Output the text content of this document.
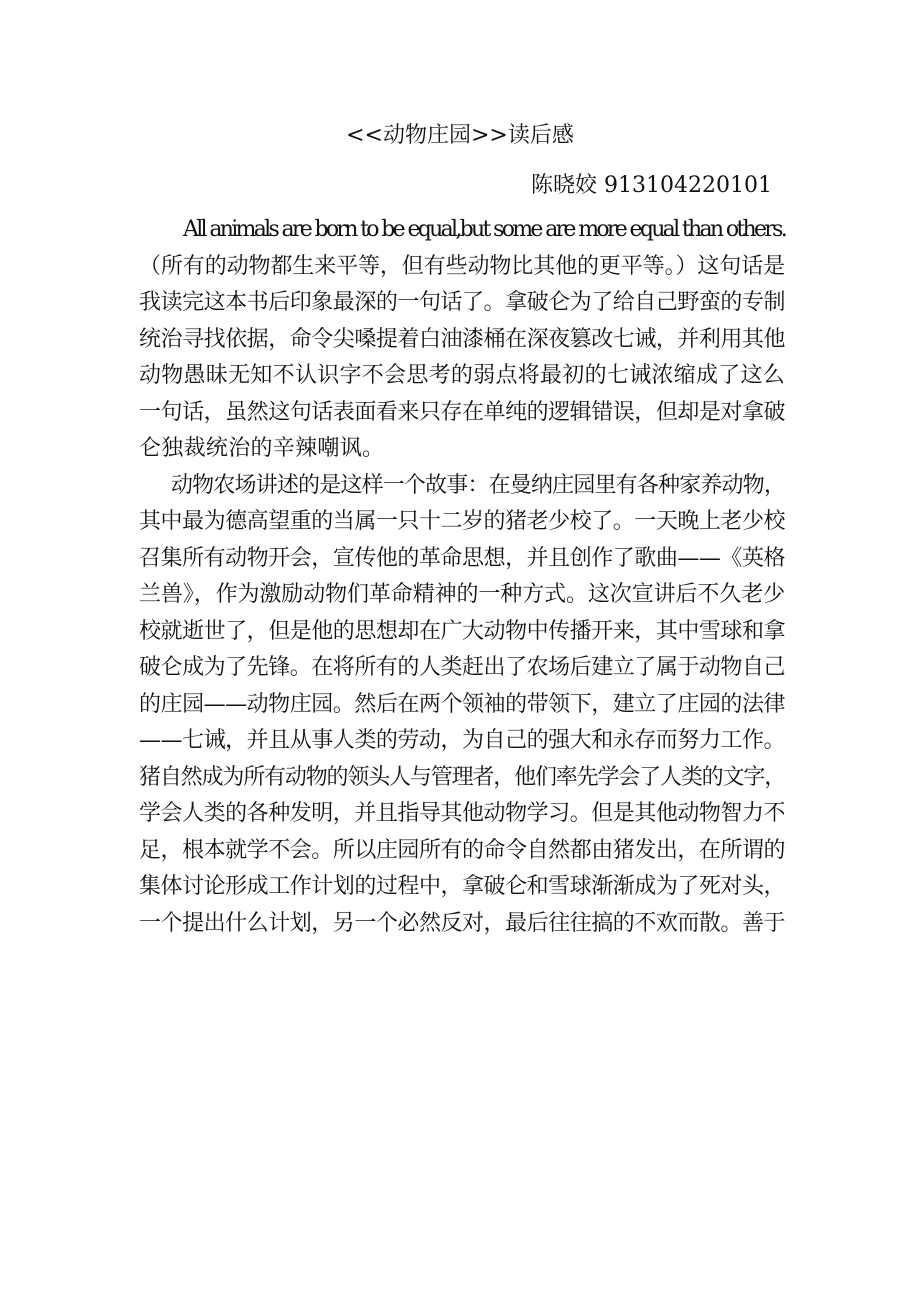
<<动物庄园>>读后感
陈晓姣 913104220101
All animals are born to be equal,but some are more equal than others.
（所有的动物都生来平等，但有些动物比其他的更平等。）这句话是
我读完这本书后印象最深的一句话了。拿破仑为了给自己野蛮的专制
统治寻找依据，命令尖嗓提着白油漆桶在深夜篡改七诫，并利用其他
动物愚昧无知不认识字不会思考的弱点将最初的七诫浓缩成了这么
一句话，虽然这句话表面看来只存在单纯的逻辑错误，但却是对拿破
仑独裁统治的辛辣嘲讽。
动物农场讲述的是这样一个故事：在曼纳庄园里有各种家养动物，
其中最为德高望重的当属一只十二岁的猪老少校了。一天晚上老少校
召集所有动物开会，宣传他的革命思想，并且创作了歌曲——《英格
兰兽》，作为激励动物们革命精神的一种方式。这次宣讲后不久老少
校就逝世了，但是他的思想却在广大动物中传播开来，其中雪球和拿
破仑成为了先锋。在将所有的人类赶出了农场后建立了属于动物自己
的庄园——动物庄园。然后在两个领袖的带领下，建立了庄园的法律
——七诫，并且从事人类的劳动，为自己的强大和永存而努力工作。
猪自然成为所有动物的领头人与管理者，他们率先学会了人类的文字，
学会人类的各种发明，并且指导其他动物学习。但是其他动物智力不
足，根本就学不会。所以庄园所有的命令自然都由猪发出，在所谓的
集体讨论形成工作计划的过程中，拿破仑和雪球渐渐成为了死对头，
一个提出什么计划，另一个必然反对，最后往往搞的不欢而散。善于
